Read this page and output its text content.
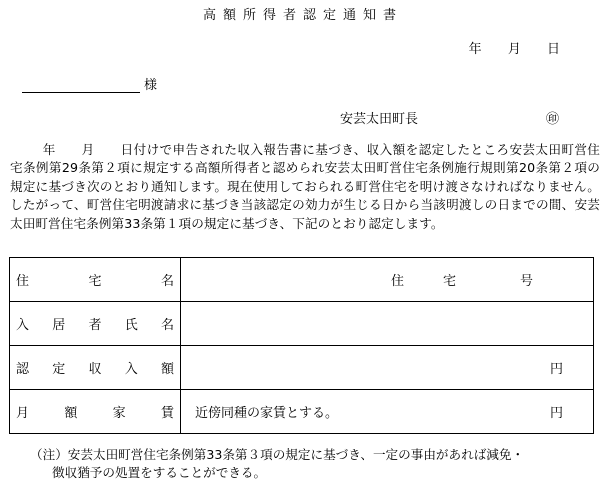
高額所得者認定通知書
年 月 日
様
安芸太田町長	㊞

年　　月　　日付けで申告された収入報告書に基づき、収入額を認定したところ安芸太田町営住宅条例第29条第２項に規定する高額所得者と認められ安芸太田町営住宅条例施行規則第20条第２項の規定に基づき次のとおり通知します。現在使用しておられる町営住宅を明け渡さなければなりません。したがって、町営住宅明渡請求に基づき当該認定の効力が生じる日から当該明渡しの日までの間、安芸太田町営住宅条例第33条第１項の規定に基づき、下記のとおり認定します。

住 宅 名	住　　　 宅 号

入 居 者 氏 名	

認 定 収 入 額	円

月 額 家 賃	近傍同種の家賃とする。 円
（注）安芸太田町営住宅条例第33条第３項の規定に基づき、一定の事由があれば減免・
徴収猶予の処置をすることができる。
